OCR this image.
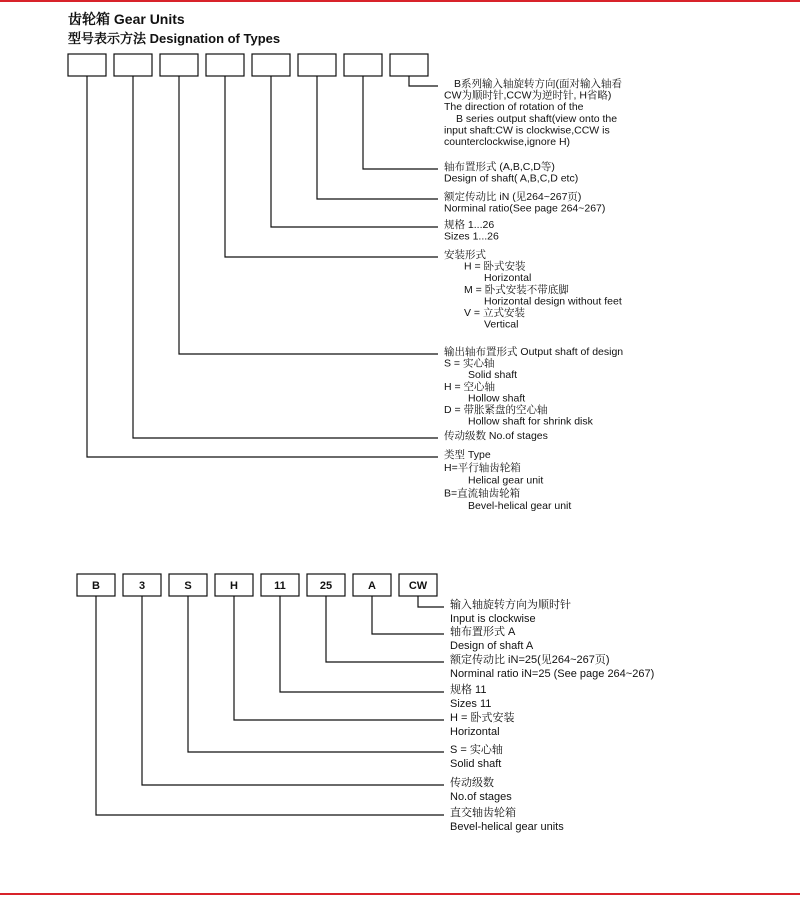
齿轮箱 Gear Units
型号表示方法 Designation of Types
B系列输入轴旋转方向(面对输入轴看
CW为顺时针,CCW为逆时针, H省略)
The direction of rotation of the
B series output shaft(view onto the
input shaft:CW is clockwise,CCW is
counterclockwise,ignore H)
轴布置形式 (A,B,C,D等)
Design of shaft( A,B,C,D etc)
额定传动比 iN (见264~267页)
Norminal ratio(See page 264~267)
规格 1...26
Sizes 1...26
安装形式
H = 卧式安装
Horizontal
M = 卧式安装不带底脚
Horizontal design without feet
V = 立式安装
Vertical
输出轴布置形式 Output shaft of design
S = 实心轴
Solid shaft
H = 空心轴
Hollow shaft
D = 带胀紧盘的空心轴
Hollow shaft for shrink disk
传动级数 No.of stages
类型 Type
H=平行轴齿轮箱
Helical gear unit
B=直流轴齿轮箱
Bevel-helical gear unit
B	3	S	H	11	25	A	CW
输入轴旋转方向为顺时针
Input is clockwise
轴布置形式 A
Design of shaft A
额定传动比 iN=25(见264~267页)
Norminal ratio iN=25 (See page 264~267)
规格 11
Sizes 11
H = 卧式安装
Horizontal
S = 实心轴
Solid shaft
传动级数
No.of stages
直交轴齿轮箱
Bevel-helical gear units
